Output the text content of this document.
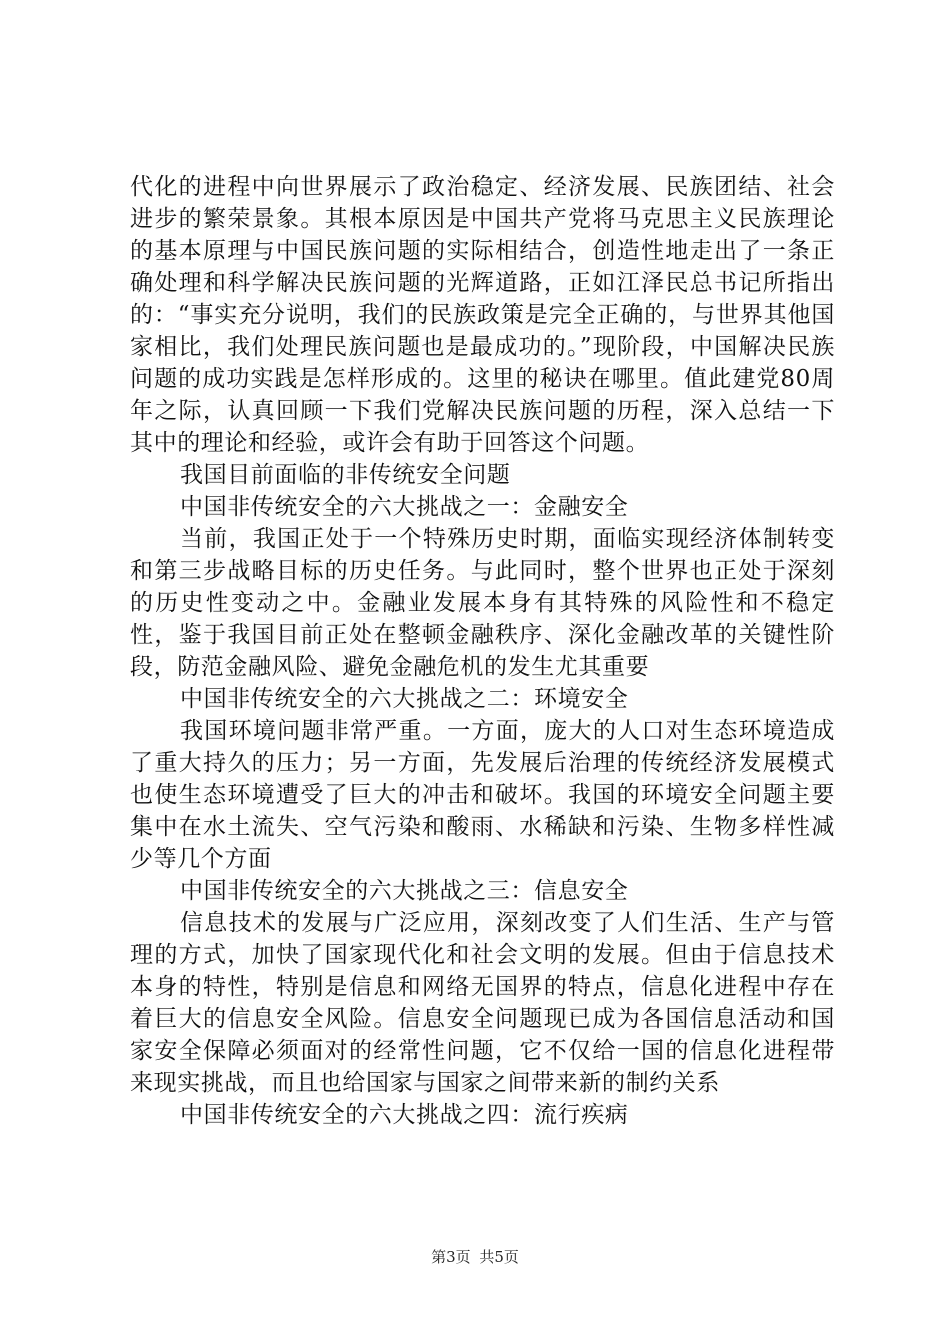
代化的进程中向世界展示了政治稳定、经济发展、民族团结、社会进步的繁荣景象。其根本原因是中国共产党将马克思主义民族理论的基本原理与中国民族问题的实际相结合，创造性地走出了一条正确处理和科学解决民族问题的光辉道路，正如江泽民总书记所指出的：“事实充分说明，我们的民族政策是完全正确的，与世界其他国家相比，我们处理民族问题也是最成功的。”现阶段，中国解决民族问题的成功实践是怎样形成的。这里的秘诀在哪里。值此建党80周年之际，认真回顾一下我们党解决民族问题的历程，深入总结一下其中的理论和经验，或许会有助于回答这个问题。

我国目前面临的非传统安全问题

中国非传统安全的六大挑战之一：金融安全

当前，我国正处于一个特殊历史时期，面临实现经济体制转变和第三步战略目标的历史任务。与此同时，整个世界也正处于深刻的历史性变动之中。金融业发展本身有其特殊的风险性和不稳定性，鉴于我国目前正处在整顿金融秩序、深化金融改革的关键性阶段，防范金融风险、避免金融危机的发生尤其重要

中国非传统安全的六大挑战之二：环境安全

我国环境问题非常严重。一方面，庞大的人口对生态环境造成了重大持久的压力；另一方面，先发展后治理的传统经济发展模式也使生态环境遭受了巨大的冲击和破坏。我国的环境安全问题主要集中在水土流失、空气污染和酸雨、水稀缺和污染、生物多样性减少等几个方面

中国非传统安全的六大挑战之三：信息安全

信息技术的发展与广泛应用，深刻改变了人们生活、生产与管理的方式，加快了国家现代化和社会文明的发展。但由于信息技术本身的特性，特别是信息和网络无国界的特点，信息化进程中存在着巨大的信息安全风险。信息安全问题现已成为各国信息活动和国家安全保障必须面对的经常性问题，它不仅给一国的信息化进程带来现实挑战，而且也给国家与国家之间带来新的制约关系

中国非传统安全的六大挑战之四：流行疾病

第3页 共5页
